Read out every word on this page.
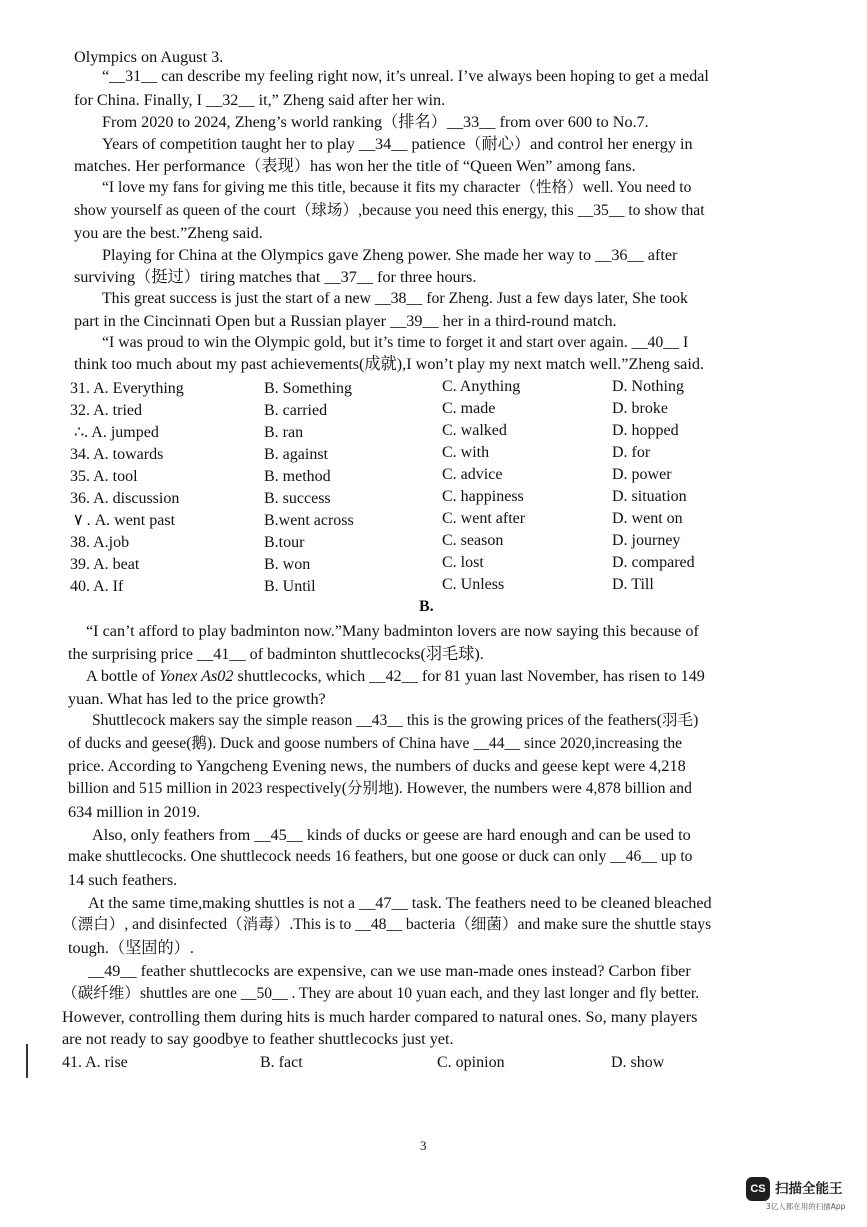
Olympics on August 3.
“__31__ can describe my feeling right now, it’s unreal. I’ve always been hoping to get a medal
for China. Finally, I __32__ it,” Zheng said after her win.
From 2020 to 2024, Zheng’s world ranking（排名）__33__ from over 600 to No.7.
Years of competition taught her to play __34__ patience（耐心）and control her energy in
matches. Her performance（表现）has won her the title of “Queen Wen” among fans.
“I love my fans for giving me this title, because it fits my character（性格）well. You need to
show yourself as queen of the court（球场）,because you need this energy, this __35__ to show that
you are the best.”Zheng said.
Playing for China at the Olympics gave Zheng power. She made her way to __36__ after
surviving（挺过）tiring matches that __37__ for three hours.
This great success is just the start of a new __38__ for Zheng. Just a few days later, She took
part in the Cincinnati Open but a Russian player __39__ her in a third-round match.
“I was proud to win the Olympic gold, but it’s time to forget it and start over again. __40__ I
think too much about my past achievements(成就),I won’t play my next match well.”Zheng said.
31. A. Everything	B. Something	C. Anything	D. Nothing
32. A. tried	B. carried	C. made	D. broke
∴. A. jumped	B. ran	C. walked	D. hopped
34. A. towards	B. against	C. with	D. for
35. A. tool	B. method	C. advice	D. power
36. A. discussion	B. success	C. happiness	D. situation
۷ . A. went past	B.went across	C. went after	D. went on
38. A.job	B.tour	C. season	D. journey
39. A. beat	B. won	C. lost	D. compared
40. A. If	B. Until	C. Unless	D. Till
B.
“I can’t afford to play badminton now.”Many badminton lovers are now saying this because of
the surprising price __41__ of badminton shuttlecocks(羽毛球).
A bottle of Yonex As02 shuttlecocks, which __42__ for 81 yuan last November, has risen to 149
yuan. What has led to the price growth?
Shuttlecock makers say the simple reason __43__ this is the growing prices of the feathers(羽毛)
of ducks and geese(鹅). Duck and goose numbers of China have __44__ since 2020,increasing the
price. According to Yangcheng Evening news, the numbers of ducks and geese kept were 4,218
billion and 515 million in 2023 respectively(分别地). However, the numbers were 4,878 billion and
634 million in 2019.
Also, only feathers from __45__ kinds of ducks or geese are hard enough and can be used to
make shuttlecocks. One shuttlecock needs 16 feathers, but one goose or duck can only __46__ up to
14 such feathers.
At the same time,making shuttles is not a __47__ task. The feathers need to be cleaned bleached
（漂白）, and disinfected（消毒）.This is to __48__ bacteria（细菌）and make sure the shuttle stays
tough.（坚固的）.
__49__ feather shuttlecocks are expensive, can we use man-made ones instead? Carbon fiber
（碳纤维）shuttles are one __50__ . They are about 10 yuan each, and they last longer and fly better.
However, controlling them during hits is much harder compared to natural ones. So, many players
are not ready to say goodbye to feather shuttlecocks just yet.
41. A. rise	B. fact	C. opinion	D. show
3
CS 扫描全能王
3亿人都在用的扫描App
